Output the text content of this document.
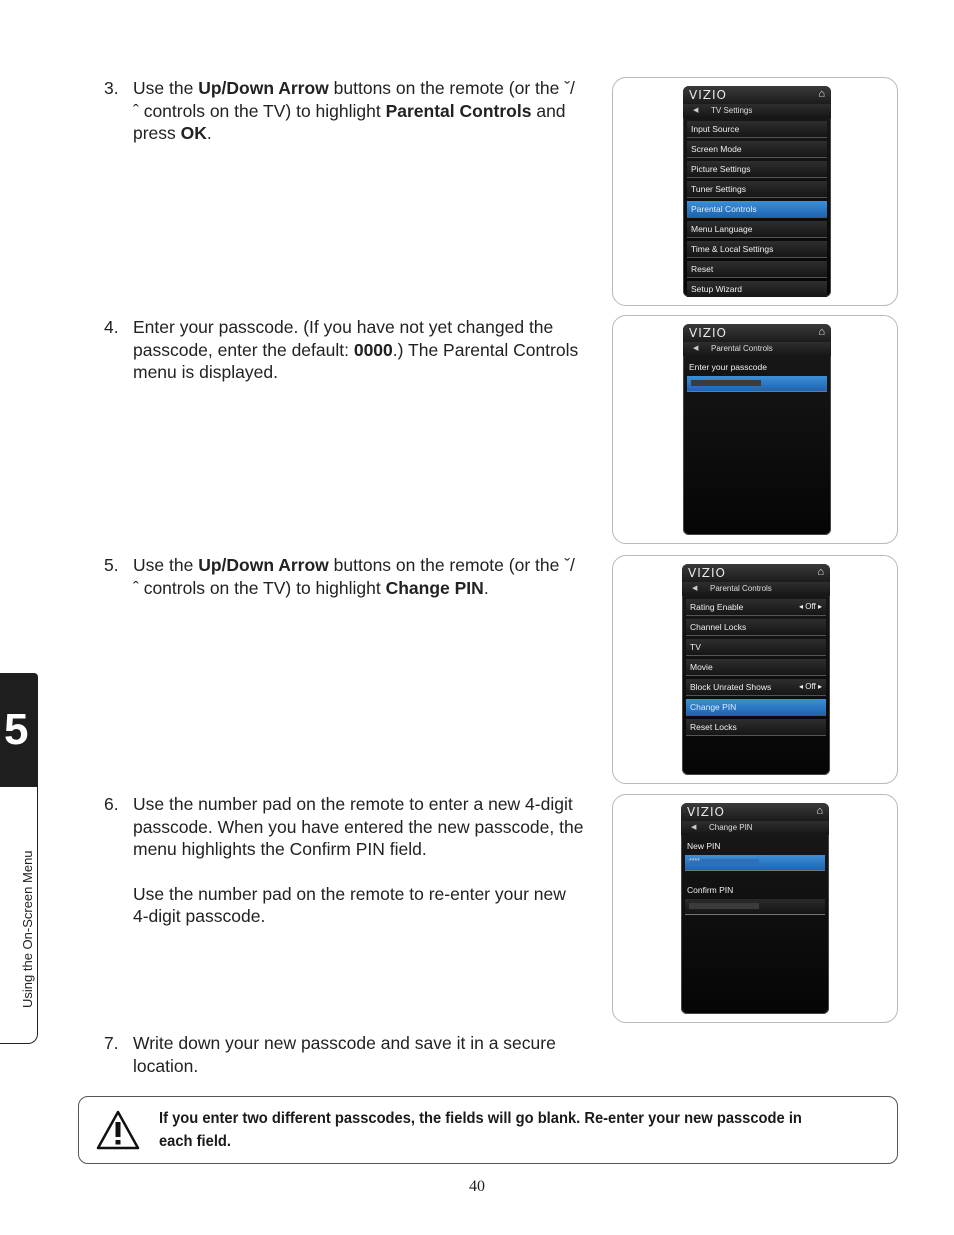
3. Use the Up/Down Arrow buttons on the remote (or the ˇ/ ˆ controls on the TV) to highlight Parental Controls and press OK.
4. Enter your passcode. (If you have not yet changed the passcode, enter the default: 0000.) The Parental Controls menu is displayed.
5. Use the Up/Down Arrow buttons on the remote (or the ˇ/ ˆ controls on the TV) to highlight Change PIN.
6. Use the number pad on the remote to enter a new 4-digit passcode. When you have entered the new passcode, the menu highlights the Confirm PIN field.

Use the number pad on the remote to re-enter your new 4-digit passcode.

7. Write down your new passcode and save it in a secure location.
VIZIO	⌂
◀ TV Settings
Input Source
Screen Mode
Picture Settings
Tuner Settings
Parental Controls
Menu Language
Time & Local Settings
Reset
Setup Wizard
VIZIO	⌂
◀ Parental Controls
Enter your passcode
VIZIO	⌂
◀ Parental Controls
Rating Enable	◂ Off ▸
Channel Locks
TV
Movie
Block Unrated Shows	◂ Off ▸
Change PIN
Reset Locks
VIZIO	⌂
◀ Change PIN
New PIN
****
Confirm PIN
5
Using the On-Screen Menu
If you enter two different passcodes, the fields will go blank. Re-enter your new passcode in each field.
40
